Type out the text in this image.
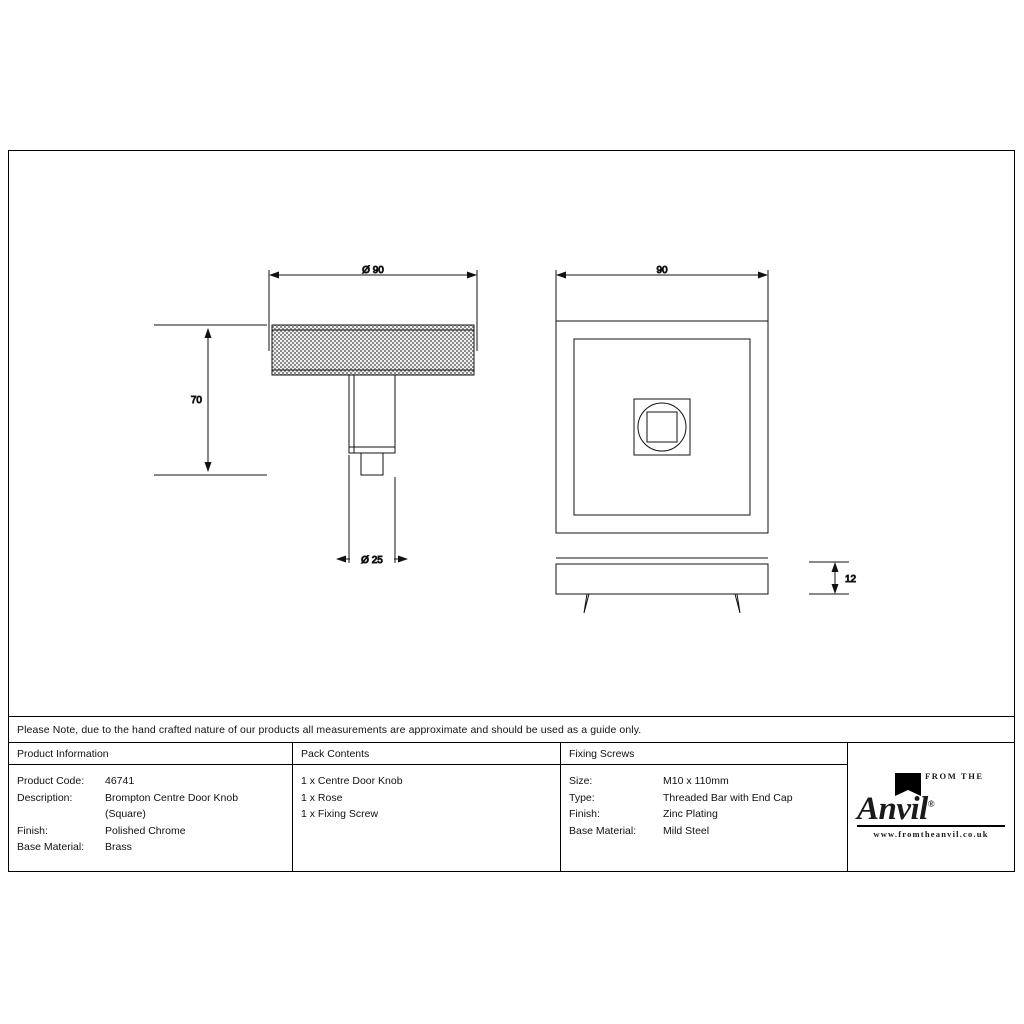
Ø 90
70
Ø 25
90
12
Please Note, due to the hand crafted nature of our products all measurements are approximate and should be used as a guide only.
Product Information
Product Code:	46741
Description:	Brompton Centre Door Knob
(Square)
Finish:	Polished Chrome
Base Material:	Brass
Pack Contents
1 x Centre Door Knob
1 x Rose
1 x Fixing Screw
Fixing Screws
Size:	M10 x 110mm
Type:	Threaded Bar with End Cap
Finish:	Zinc Plating
Base Material:	Mild Steel
FROM THE
Anvil®
www.fromtheanvil.co.uk
